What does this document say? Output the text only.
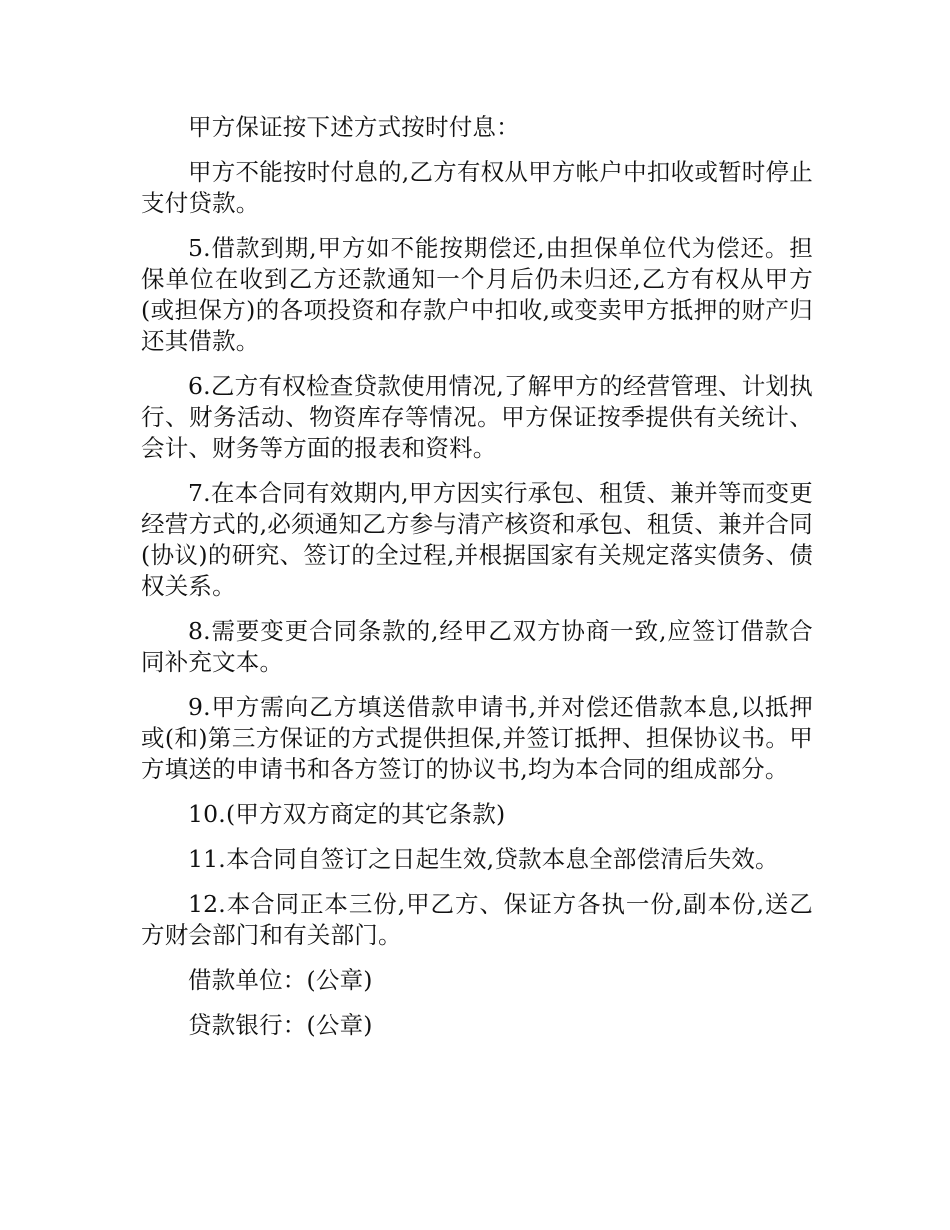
甲方保证按下述方式按时付息：

甲方不能按时付息的,乙方有权从甲方帐户中扣收或暂时停止支付贷款。

5.借款到期,甲方如不能按期偿还,由担保单位代为偿还。担保单位在收到乙方还款通知一个月后仍未归还,乙方有权从甲方(或担保方)的各项投资和存款户中扣收,或变卖甲方抵押的财产归还其借款。

6.乙方有权检查贷款使用情况,了解甲方的经营管理、计划执行、财务活动、物资库存等情况。甲方保证按季提供有关统计、会计、财务等方面的报表和资料。

7.在本合同有效期内,甲方因实行承包、租赁、兼并等而变更经营方式的,必须通知乙方参与清产核资和承包、租赁、兼并合同(协议)的研究、签订的全过程,并根据国家有关规定落实债务、债权关系。

8.需要变更合同条款的,经甲乙双方协商一致,应签订借款合同补充文本。

9.甲方需向乙方填送借款申请书,并对偿还借款本息,以抵押或(和)第三方保证的方式提供担保,并签订抵押、担保协议书。甲方填送的申请书和各方签订的协议书,均为本合同的组成部分。

10.(甲方双方商定的其它条款)

11.本合同自签订之日起生效,贷款本息全部偿清后失效。

12.本合同正本三份,甲乙方、保证方各执一份,副本份,送乙方财会部门和有关部门。

借款单位：(公章)

贷款银行：(公章)
